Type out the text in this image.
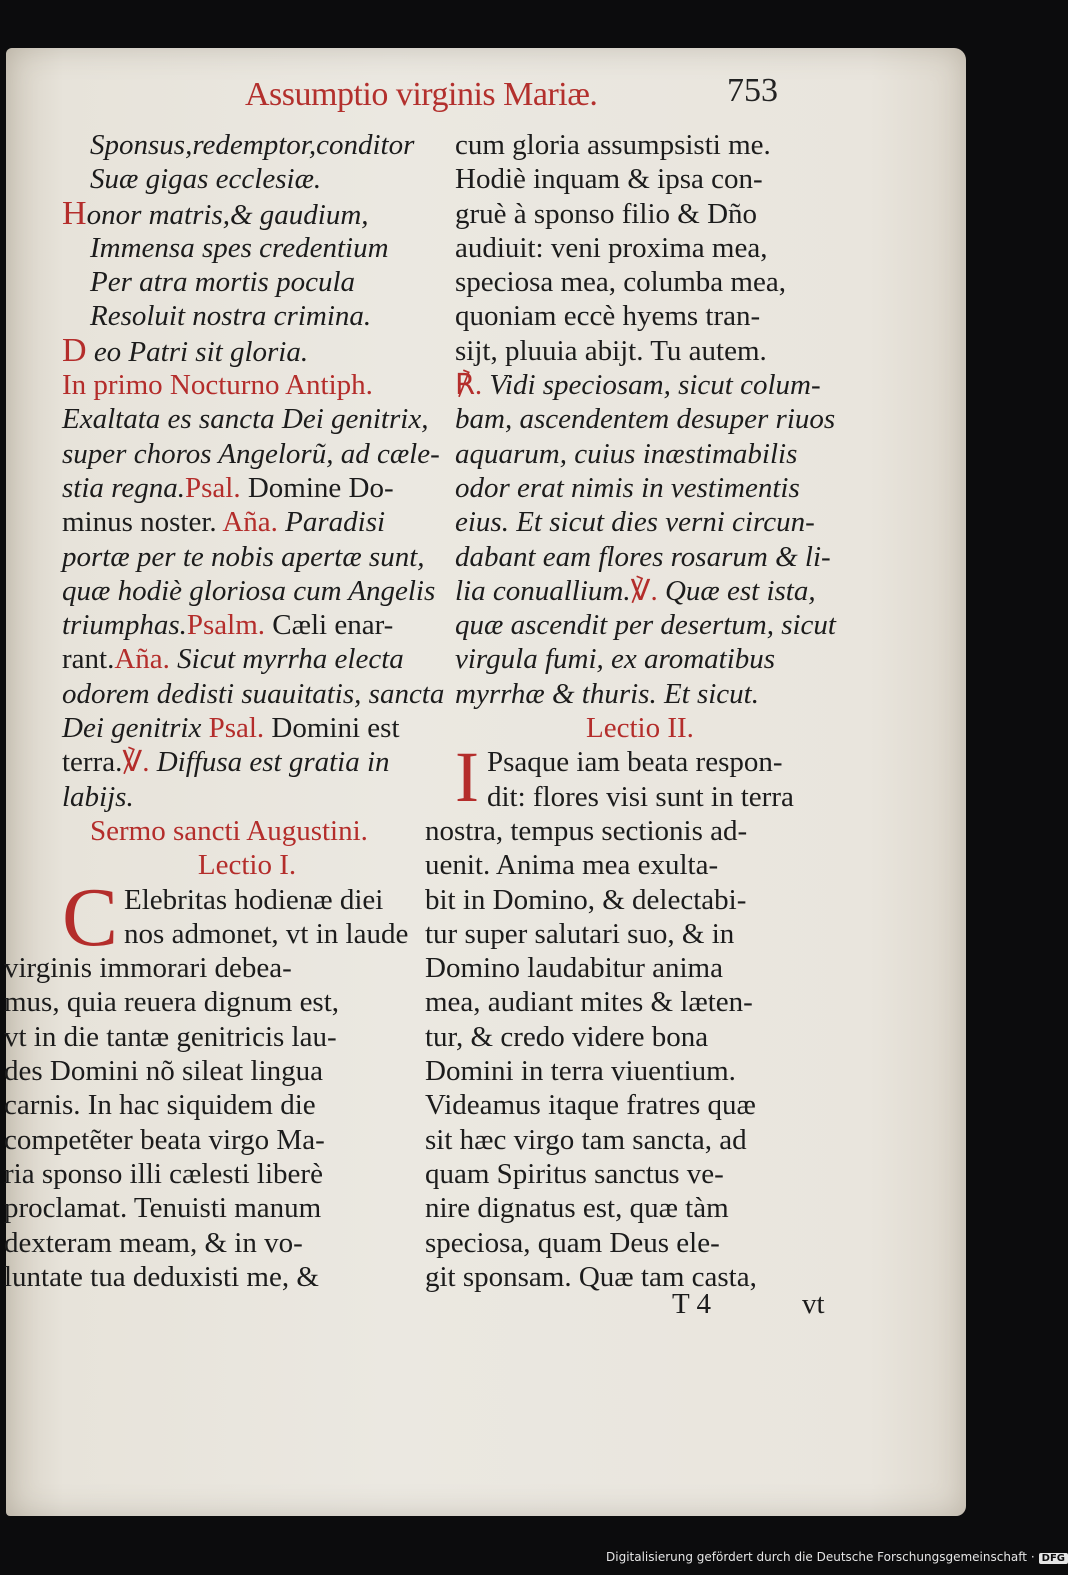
Assumptio virginis Mariæ.	753
Sponsus,redemptor,conditor
Suæ gigas ecclesiæ.
Honor matris,& gaudium,
Immensa spes credentium
Per atra mortis pocula
Resoluit nostra crimina.
D eo Patri sit gloria.
In primo Nocturno Antiph.
Exaltata es sancta Dei genitrix,
super choros Angelorũ, ad cæle-
stia regna.Psal. Domine Do-
minus noster. Aña. Paradisi
portæ per te nobis apertæ sunt,
quæ hodiè gloriosa cum Angelis
triumphas.Psalm. Cæli enar-
rant.Aña. Sicut myrrha electa
odorem dedisti suauitatis, sancta
Dei genitrix Psal. Domini est
terra.℣. Diffusa est gratia in
labijs.
Sermo sancti Augustini.
Lectio I.
C Elebritas hodienæ diei
nos admonet, vt in laude
virginis immorari debea-
mus, quia reuera dignum est,
vt in die tantæ genitricis lau-
des Domini nõ sileat lingua
carnis. In hac siquidem die
competẽter beata virgo Ma-
ria sponso illi cælesti liberè
proclamat. Tenuisti manum
dexteram meam, & in vo-
luntate tua deduxisti me, &
cum gloria assumpsisti me.
Hodiè inquam & ipsa con-
gruè à sponso filio & Dño
audiuit: veni proxima mea,
speciosa mea, columba mea,
quoniam eccè hyems tran-
sijt, pluuia abijt. Tu autem.
℟. Vidi speciosam, sicut colum-
bam, ascendentem desuper riuos
aquarum, cuius inæstimabilis
odor erat nimis in vestimentis
eius. Et sicut dies verni circun-
dabant eam flores rosarum & li-
lia conuallium.℣. Quæ est ista,
quæ ascendit per desertum, sicut
virgula fumi, ex aromatibus
myrrhæ & thuris. Et sicut.
Lectio II.
I Psaque iam beata respon-
dit: flores visi sunt in terra
nostra, tempus sectionis ad-
uenit. Anima mea exulta-
bit in Domino, & delectabi-
tur super salutari suo, & in
Domino laudabitur anima
mea, audiant mites & læten-
tur, & credo videre bona
Domini in terra viuentium.
Videamus itaque fratres quæ
sit hæc virgo tam sancta, ad
quam Spiritus sanctus ve-
nire dignatus est, quæ tàm
speciosa, quam Deus ele-
git sponsam. Quæ tam casta,
T 4	vt
Digitalisierung gefördert durch die Deutsche Forschungsgemeinschaft · DFG
